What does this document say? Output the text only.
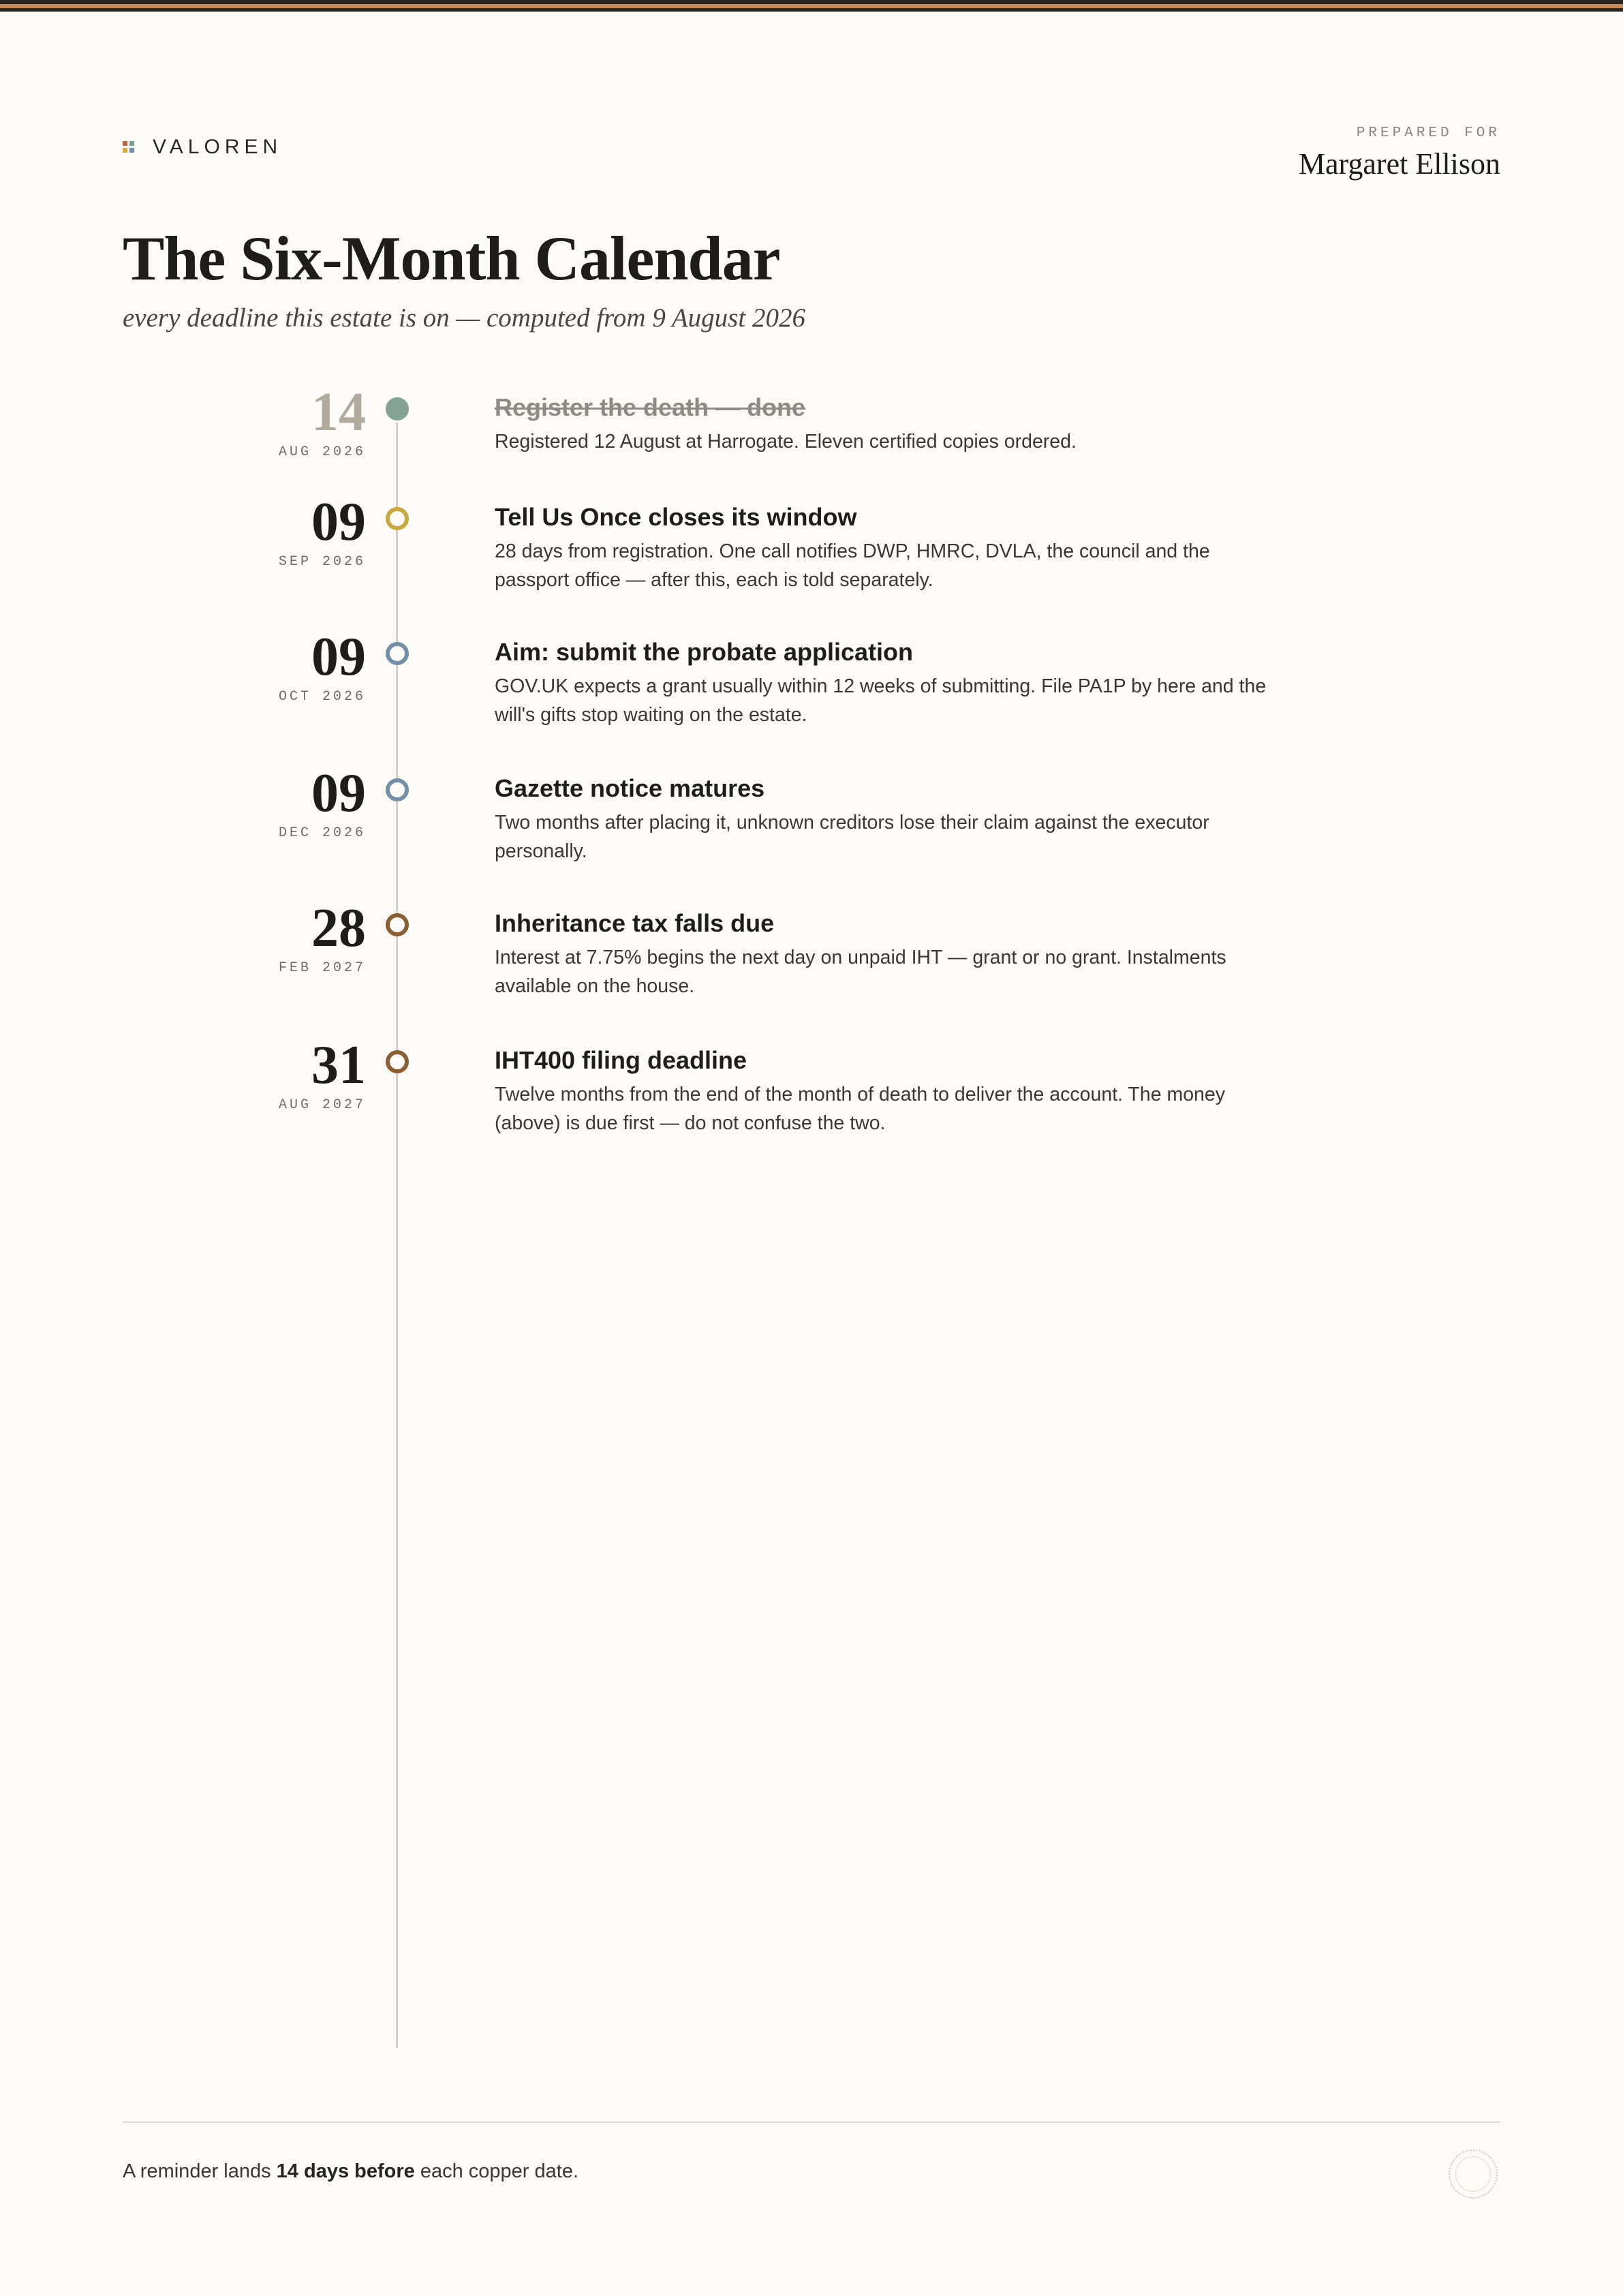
VALOREN
PREPARED FOR
Margaret Ellison
The Six-Month Calendar
every deadline this estate is on — computed from 9 August 2026
14
AUG 2026
Register the death — done
Registered 12 August at Harrogate. Eleven certified copies ordered.
09
SEP 2026
Tell Us Once closes its window
28 days from registration. One call notifies DWP, HMRC, DVLA, the council and the passport office — after this, each is told separately.
09
OCT 2026
Aim: submit the probate application
GOV.UK expects a grant usually within 12 weeks of submitting. File PA1P by here and the will's gifts stop waiting on the estate.
09
DEC 2026
Gazette notice matures
Two months after placing it, unknown creditors lose their claim against the executor personally.
28
FEB 2027
Inheritance tax falls due
Interest at 7.75% begins the next day on unpaid IHT — grant or no grant. Instalments available on the house.
31
AUG 2027
IHT400 filing deadline
Twelve months from the end of the month of death to deliver the account. The money (above) is due first — do not confuse the two.
A reminder lands 14 days before each copper date.
